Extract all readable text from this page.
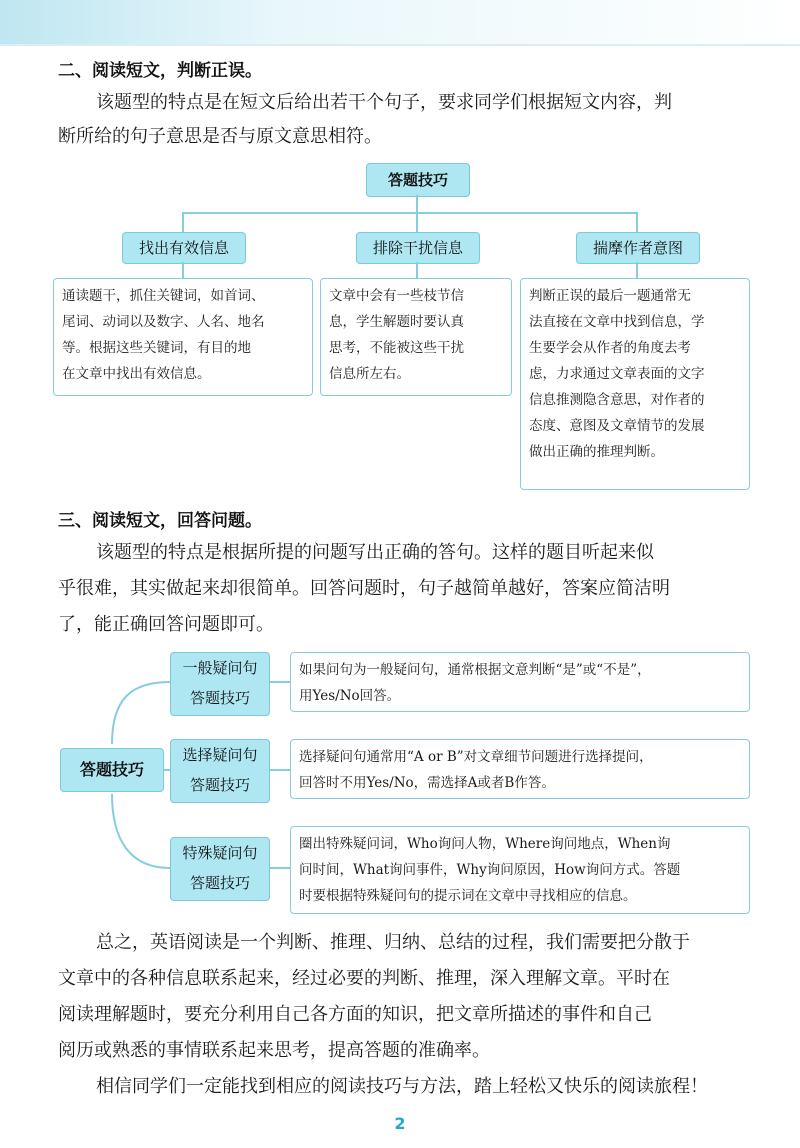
二、阅读短文，判断正误。
该题型的特点是在短文后给出若干个句子，要求同学们根据短文内容，判
断所给的句子意思是否与原文意思相符。
答题技巧
找出有效信息	排除干扰信息	揣摩作者意图
通读题干，抓住关键词，如首词、
尾词、动词以及数字、人名、地名
等。根据这些关键词，有目的地
在文章中找出有效信息。
文章中会有一些枝节信
息，学生解题时要认真
思考，不能被这些干扰
信息所左右。
判断正误的最后一题通常无
法直接在文章中找到信息，学
生要学会从作者的角度去考
虑，力求通过文章表面的文字
信息推测隐含意思，对作者的
态度、意图及文章情节的发展
做出正确的推理判断。
三、阅读短文，回答问题。
该题型的特点是根据所提的问题写出正确的答句。这样的题目听起来似
乎很难，其实做起来却很简单。回答问题时，句子越简单越好，答案应简洁明
了，能正确回答问题即可。
答题技巧
一般疑问句
答题技巧
选择疑问句
答题技巧
特殊疑问句
答题技巧
如果问句为一般疑问句，通常根据文意判断“是”或“不是”，
用Yes/No回答。
选择疑问句通常用“A or B”对文章细节问题进行选择提问，
回答时不用Yes/No，需选择A或者B作答。
圈出特殊疑问词，Who询问人物，Where询问地点，When询
问时间，What询问事件，Why询问原因，How询问方式。答题
时要根据特殊疑问句的提示词在文章中寻找相应的信息。
总之，英语阅读是一个判断、推理、归纳、总结的过程，我们需要把分散于
文章中的各种信息联系起来，经过必要的判断、推理，深入理解文章。平时在
阅读理解题时，要充分利用自己各方面的知识，把文章所描述的事件和自己
阅历或熟悉的事情联系起来思考，提高答题的准确率。
相信同学们一定能找到相应的阅读技巧与方法，踏上轻松又快乐的阅读旅程！
2
